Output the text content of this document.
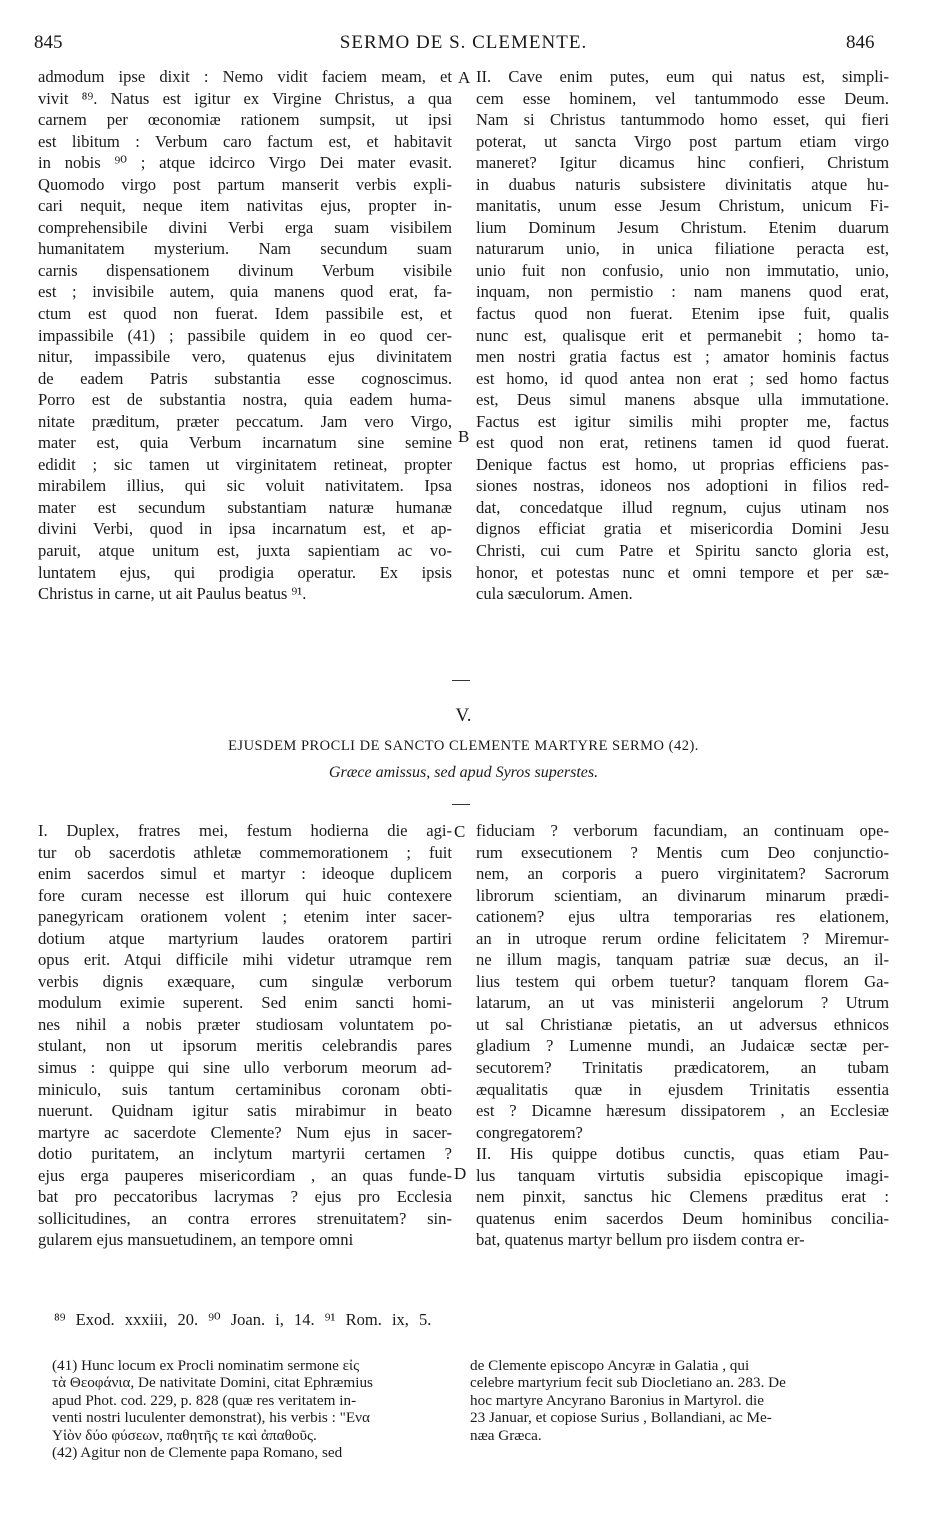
845	SERMO DE S. CLEMENTE.	846
admodum ipse dixit : Nemo vidit faciem meam, et
vivit ⁸⁹. Natus est igitur ex Virgine Christus, a qua
carnem per œconomiæ rationem sumpsit, ut ipsi
est libitum : Verbum caro factum est, et habitavit
in nobis ⁹⁰ ; atque idcirco Virgo Dei mater evasit.
Quomodo virgo post partum manserit verbis expli-
cari nequit, neque item nativitas ejus, propter in-
comprehensibile divini Verbi erga suam visibilem
humanitatem mysterium. Nam secundum suam
carnis dispensationem divinum Verbum visibile
est ; invisibile autem, quia manens quod erat, fa-
ctum est quod non fuerat. Idem passibile est, et
impassibile (41) ; passibile quidem in eo quod cer-
nitur, impassibile vero, quatenus ejus divinitatem
de eadem Patris substantia esse cognoscimus.
Porro est de substantia nostra, quia eadem huma-
nitate præditum, præter peccatum. Jam vero Virgo,
mater est, quia Verbum incarnatum sine semine
edidit ; sic tamen ut virginitatem retineat, propter
mirabilem illius, qui sic voluit nativitatem. Ipsa
mater est secundum substantiam naturæ humanæ
divini Verbi, quod in ipsa incarnatum est, et ap-
paruit, atque unitum est, juxta sapientiam ac vo-
luntatem ejus, qui prodigia operatur. Ex ipsis
Christus in carne, ut ait Paulus beatus ⁹¹.
II. Cave enim putes, eum qui natus est, simpli-
cem esse hominem, vel tantummodo esse Deum.
Nam si Christus tantummodo homo esset, qui fieri
poterat, ut sancta Virgo post partum etiam virgo
maneret? Igitur dicamus hinc confieri, Christum
in duabus naturis subsistere divinitatis atque hu-
manitatis, unum esse Jesum Christum, unicum Fi-
lium Dominum Jesum Christum. Etenim duarum
naturarum unio, in unica filiatione peracta est,
unio fuit non confusio, unio non immutatio, unio,
inquam, non permistio : nam manens quod erat,
factus quod non fuerat. Etenim ipse fuit, qualis
nunc est, qualisque erit et permanebit ; homo ta-
men nostri gratia factus est ; amator hominis factus
est homo, id quod antea non erat ; sed homo factus
est, Deus simul manens absque ulla immutatione.
Factus est igitur similis mihi propter me, factus
est quod non erat, retinens tamen id quod fuerat.
Denique factus est homo, ut proprias efficiens pas-
siones nostras, idoneos nos adoptioni in filios red-
dat, concedatque illud regnum, cujus utinam nos
dignos efficiat gratia et misericordia Domini Jesu
Christi, cui cum Patre et Spiritu sancto gloria est,
honor, et potestas nunc et omni tempore et per sæ-
cula sæculorum. Amen.
A
B
C
D
V.
EJUSDEM PROCLI DE SANCTO CLEMENTE MARTYRE SERMO (42).
Græce amissus, sed apud Syros superstes.
I. Duplex, fratres mei, festum hodierna die agi-
tur ob sacerdotis athletæ commemorationem ; fuit
enim sacerdos simul et martyr : ideoque duplicem
fore curam necesse est illorum qui huic contexere
panegyricam orationem volent ; etenim inter sacer-
dotium atque martyrium laudes oratorem partiri
opus erit. Atqui difficile mihi videtur utramque rem
verbis dignis exæquare, cum singulæ verborum
modulum eximie superent. Sed enim sancti homi-
nes nihil a nobis præter studiosam voluntatem po-
stulant, non ut ipsorum meritis celebrandis pares
simus : quippe qui sine ullo verborum meorum ad-
miniculo, suis tantum certaminibus coronam obti-
nuerunt. Quidnam igitur satis mirabimur in beato
martyre ac sacerdote Clemente? Num ejus in sacer-
dotio puritatem, an inclytum martyrii certamen ?
ejus erga pauperes misericordiam , an quas funde-
bat pro peccatoribus lacrymas ? ejus pro Ecclesia
sollicitudines, an contra errores strenuitatem? sin-
gularem ejus mansuetudinem, an tempore omni
fiduciam ? verborum facundiam, an continuam ope-
rum exsecutionem ? Mentis cum Deo conjunctio-
nem, an corporis a puero virginitatem? Sacrorum
librorum scientiam, an divinarum minarum prædi-
cationem? ejus ultra temporarias res elationem,
an in utroque rerum ordine felicitatem ? Miremur-
ne illum magis, tanquam patriæ suæ decus, an il-
lius testem qui orbem tuetur? tanquam florem Ga-
latarum, an ut vas ministerii angelorum ? Utrum
ut sal Christianæ pietatis, an ut adversus ethnicos
gladium ? Lumenne mundi, an Judaicæ sectæ per-
secutorem? Trinitatis prædicatorem, an tubam
æqualitatis quæ in ejusdem Trinitatis essentia
est ? Dicamne hæresum dissipatorem , an Ecclesiæ
congregatorem?
II. His quippe dotibus cunctis, quas etiam Pau-
lus tanquam virtutis subsidia episcopique imagi-
nem pinxit, sanctus hic Clemens præditus erat :
quatenus enim sacerdos Deum hominibus concilia-
bat, quatenus martyr bellum pro iisdem contra er-
⁸⁹ Exod. xxxiii, 20. ⁹⁰ Joan. i, 14. ⁹¹ Rom. ix, 5.
(41) Hunc locum ex Procli nominatim sermone εἰς
τὰ Θεοφάνια, De nativitate Domini, citat Ephræmius
apud Phot. cod. 229, p. 828 (quæ res veritatem in-
venti nostri luculenter demonstrat), his verbis : "Ενα
Υἱὸν δύο φύσεων, παθητῆς τε καὶ ἀπαθοῦς.
(42) Agitur non de Clemente papa Romano, sed
de Clemente episcopo Ancyræ in Galatia , qui
celebre martyrium fecit sub Diocletiano an. 283. De
hoc martyre Ancyrano Baronius in Martyrol. die
23 Januar, et copiose Surius , Bollandiani, ac Me-
næa Græca.
